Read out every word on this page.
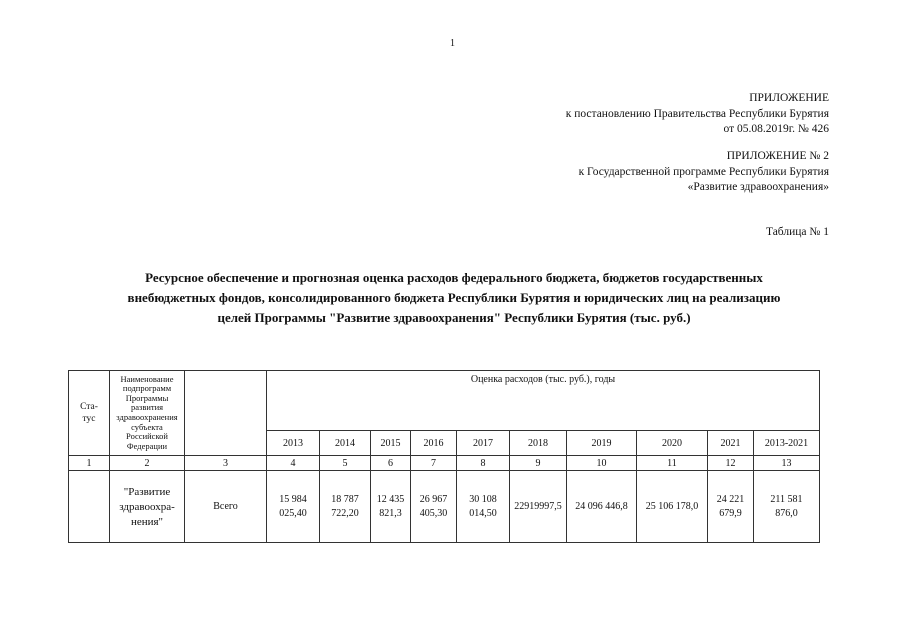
1
ПРИЛОЖЕНИЕ
к постановлению Правительства Республики Бурятия
от 05.08.2019г. № 426
ПРИЛОЖЕНИЕ № 2
к Государственной программе Республики Бурятия
«Развитие здравоохранения»
Таблица № 1
Ресурсное обеспечение и прогнозная оценка расходов федерального бюджета, бюджетов государственных
внебюджетных фондов, консолидированного бюджета Республики Бурятия и юридических лиц на реализацию
целей Программы "Развитие здравоохранения" Республики Бурятия (тыс. руб.)
Ста-тус	Наименование подпрограмм Программы развития здравоохранения субъекта Российской Федерации		Оценка расходов (тыс. руб.), годы									
			2013	2014	2015	2016	2017	2018	2019	2020	2021	2013-2021
1	2	3	4	5	6	7	8	9	10	11	12	13
	"Развитие здравоохра-нения"	Всего	15 984 025,40	18 787 722,20	12 435 821,3	26 967 405,30	30 108 014,50	22919997,5	24 096 446,8	25 106 178,0	24 221 679,9	211 581 876,0
